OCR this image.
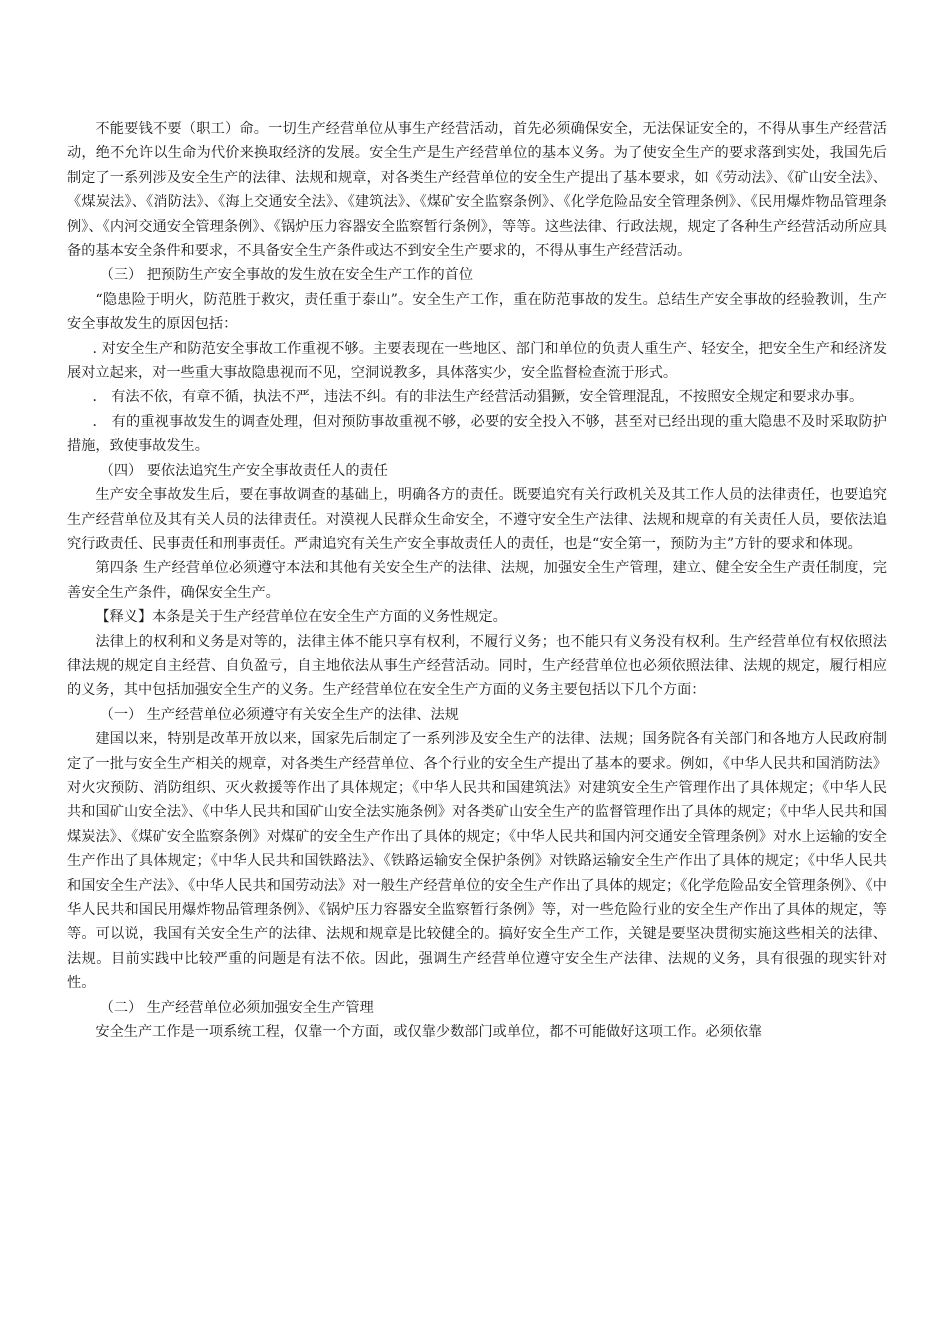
不能要钱不要（职工）命。一切生产经营单位从事生产经营活动，首先必须确保安全，无法保证安全的，不得从事生产经营活动，绝不允许以生命为代价来换取经济的发展。安全生产是生产经营单位的基本义务。为了使安全生产的要求落到实处，我国先后制定了一系列涉及安全生产的法律、法规和规章，对各类生产经营单位的安全生产提出了基本要求，如《劳动法》、《矿山安全法》、《煤炭法》、《消防法》、《海上交通安全法》、《建筑法》、《煤矿安全监察条例》、《化学危险品安全管理条例》、《民用爆炸物品管理条例》、《内河交通安全管理条例》、《锅炉压力容器安全监察暂行条例》，等等。这些法律、行政法规，规定了各种生产经营活动所应具备的基本安全条件和要求，不具备安全生产条件或达不到安全生产要求的，不得从事生产经营活动。

（三） 把预防生产安全事故的发生放在安全生产工作的首位

“隐患险于明火，防范胜于救灾，责任重于泰山”。安全生产工作，重在防范事故的发生。总结生产安全事故的经验教训，生产安全事故发生的原因包括：

. 对安全生产和防范安全事故工作重视不够。主要表现在一些地区、部门和单位的负责人重生产、轻安全，把安全生产和经济发展对立起来，对一些重大事故隐患视而不见，空洞说教多，具体落实少，安全监督检查流于形式。

． 有法不依，有章不循，执法不严，违法不纠。有的非法生产经营活动猖獗，安全管理混乱，不按照安全规定和要求办事。

． 有的重视事故发生的调查处理，但对预防事故重视不够，必要的安全投入不够，甚至对已经出现的重大隐患不及时采取防护措施，致使事故发生。

（四） 要依法追究生产安全事故责任人的责任

生产安全事故发生后，要在事故调查的基础上，明确各方的责任。既要追究有关行政机关及其工作人员的法律责任，也要追究生产经营单位及其有关人员的法律责任。对漠视人民群众生命安全，不遵守安全生产法律、法规和规章的有关责任人员，要依法追究行政责任、民事责任和刑事责任。严肃追究有关生产安全事故责任人的责任，也是“安全第一，预防为主”方针的要求和体现。

第四条 生产经营单位必须遵守本法和其他有关安全生产的法律、法规，加强安全生产管理，建立、健全安全生产责任制度，完善安全生产条件，确保安全生产。

【释义】本条是关于生产经营单位在安全生产方面的义务性规定。

法律上的权利和义务是对等的，法律主体不能只享有权利，不履行义务；也不能只有义务没有权利。生产经营单位有权依照法律法规的规定自主经营、自负盈亏，自主地依法从事生产经营活动。同时，生产经营单位也必须依照法律、法规的规定，履行相应的义务，其中包括加强安全生产的义务。生产经营单位在安全生产方面的义务主要包括以下几个方面：

（一） 生产经营单位必须遵守有关安全生产的法律、法规

建国以来，特别是改革开放以来，国家先后制定了一系列涉及安全生产的法律、法规；国务院各有关部门和各地方人民政府制定了一批与安全生产相关的规章，对各类生产经营单位、各个行业的安全生产提出了基本的要求。例如，《中华人民共和国消防法》对火灾预防、消防组织、灭火救援等作出了具体规定；《中华人民共和国建筑法》对建筑安全生产管理作出了具体规定；《中华人民共和国矿山安全法》、《中华人民共和国矿山安全法实施条例》对各类矿山安全生产的监督管理作出了具体的规定；《中华人民共和国煤炭法》、《煤矿安全监察条例》对煤矿的安全生产作出了具体的规定；《中华人民共和国内河交通安全管理条例》对水上运输的安全生产作出了具体规定；《中华人民共和国铁路法》、《铁路运输安全保护条例》对铁路运输安全生产作出了具体的规定；《中华人民共和国安全生产法》、《中华人民共和国劳动法》对一般生产经营单位的安全生产作出了具体的规定；《化学危险品安全管理条例》、《中华人民共和国民用爆炸物品管理条例》、《锅炉压力容器安全监察暂行条例》等，对一些危险行业的安全生产作出了具体的规定，等等。可以说，我国有关安全生产的法律、法规和规章是比较健全的。搞好安全生产工作，关键是要坚决贯彻实施这些相关的法律、法规。目前实践中比较严重的问题是有法不依。因此，强调生产经营单位遵守安全生产法律、法规的义务，具有很强的现实针对性。

（二） 生产经营单位必须加强安全生产管理

安全生产工作是一项系统工程，仅靠一个方面，或仅靠少数部门或单位，都不可能做好这项工作。必须依靠
